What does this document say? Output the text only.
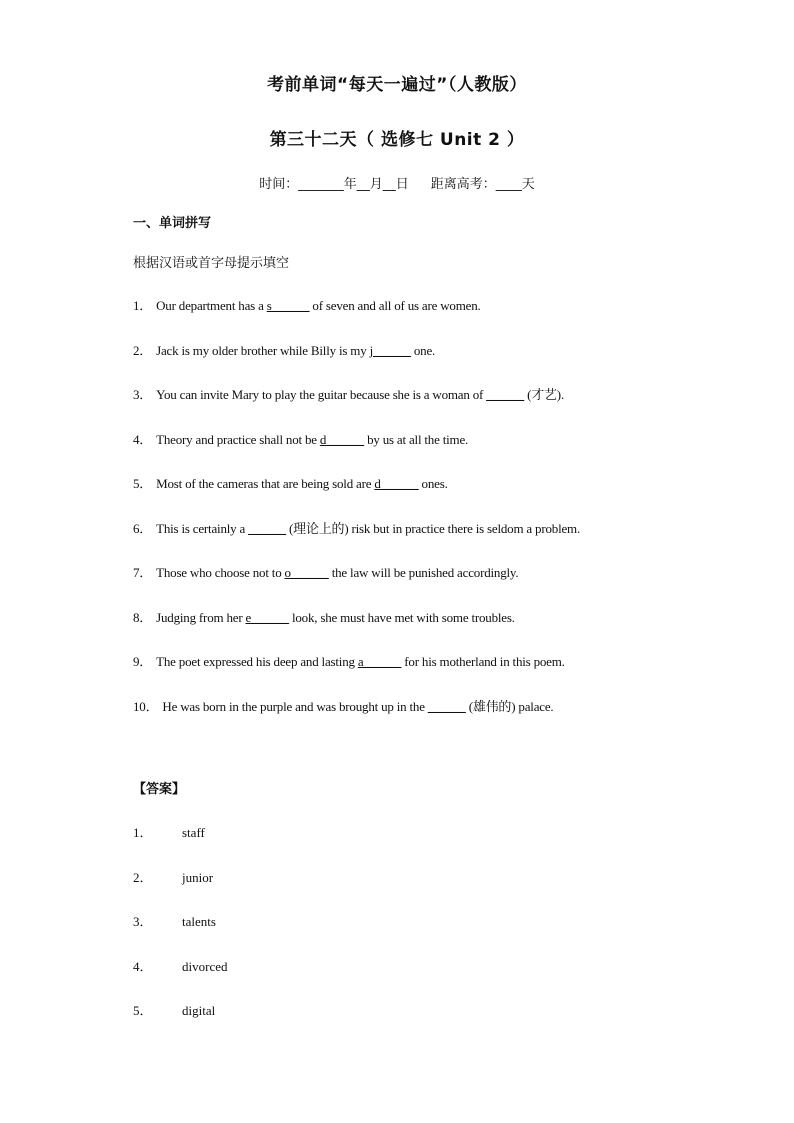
考前单词“每天一遍过”（人教版）
第三十二天（ 选修七 Unit 2 ）
时间：_______年__月__日 距离高考：____天
一、单词拼写
根据汉语或首字母提示填空
1． Our department has a s______ of seven and all of us are women.
2． Jack is my older brother while Billy is my j______ one.
3． You can invite Mary to play the guitar because she is a woman of ______ (才艺).
4． Theory and practice shall not be d______ by us at all the time.
5． Most of the cameras that are being sold are d______ ones.
6． This is certainly a ______ (理论上的) risk but in practice there is seldom a problem.
7． Those who choose not to o______ the law will be punished accordingly.
8． Judging from her e______ look, she must have met with some troubles.
9． The poet expressed his deep and lasting a______ for his motherland in this poem.
10． He was born in the purple and was brought up in the ______ (雄伟的) palace.
【答案】
1． staff
2． junior
3． talents
4． divorced
5． digital
